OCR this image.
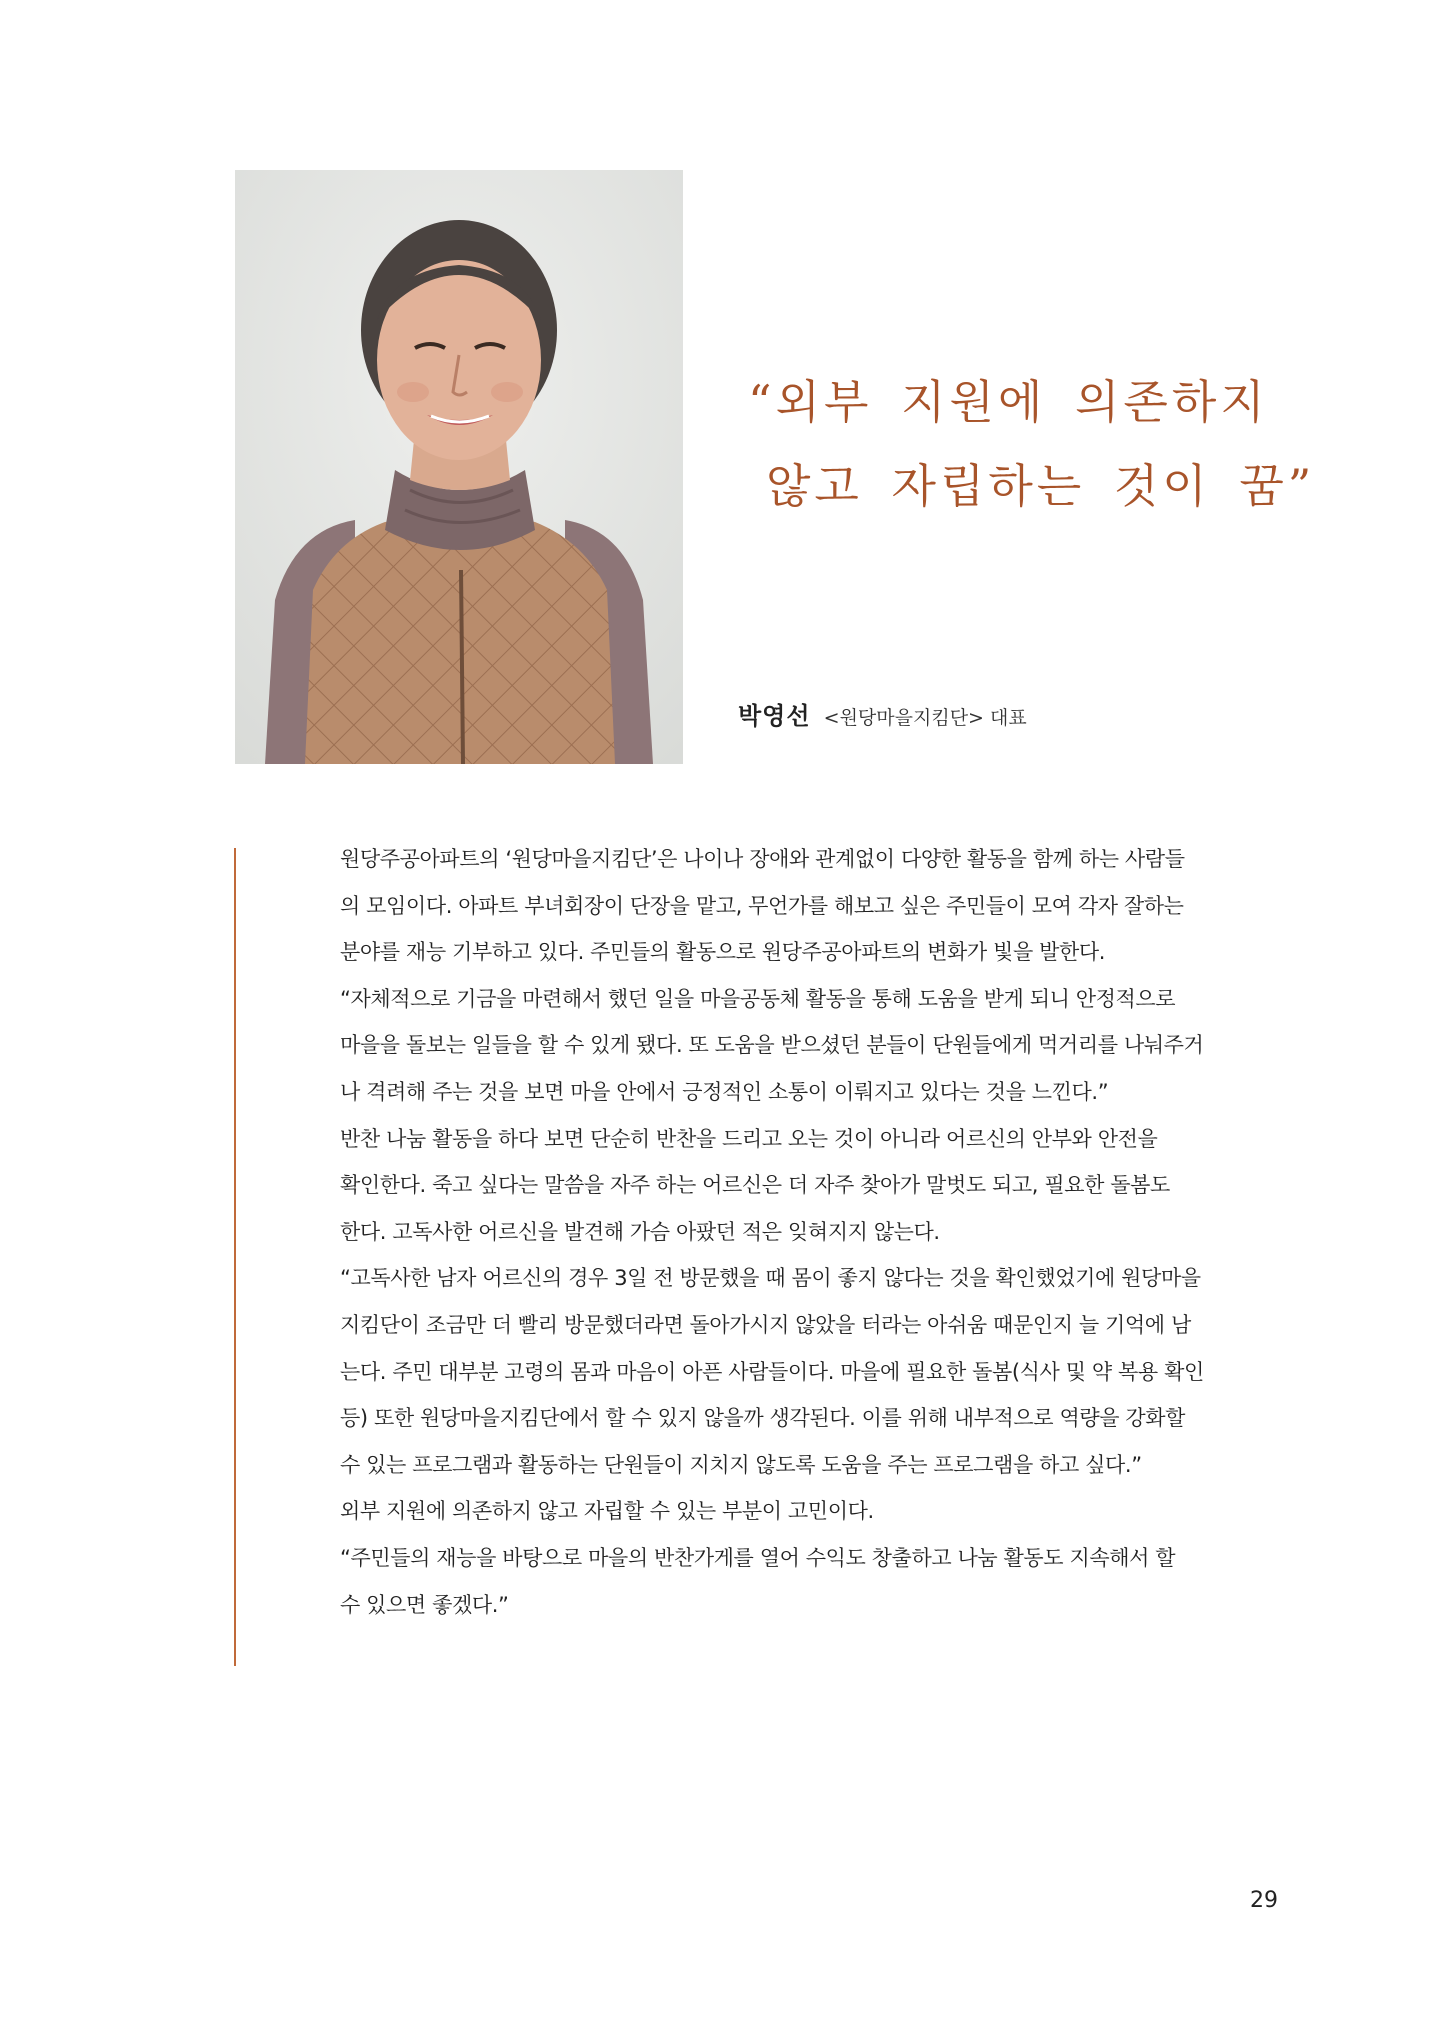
“외부 지원에 의존하지
않고 자립하는 것이 꿈”
박영선 <원당마을지킴단> 대표
원당주공아파트의 ‘원당마을지킴단’은 나이나 장애와 관계없이 다양한 활동을 함께 하는 사람들
의 모임이다. 아파트 부녀회장이 단장을 맡고, 무언가를 해보고 싶은 주민들이 모여 각자 잘하는
분야를 재능 기부하고 있다. 주민들의 활동으로 원당주공아파트의 변화가 빛을 발한다.
“자체적으로 기금을 마련해서 했던 일을 마을공동체 활동을 통해 도움을 받게 되니 안정적으로
마을을 돌보는 일들을 할 수 있게 됐다. 또 도움을 받으셨던 분들이 단원들에게 먹거리를 나눠주거
나 격려해 주는 것을 보면 마을 안에서 긍정적인 소통이 이뤄지고 있다는 것을 느낀다.”
반찬 나눔 활동을 하다 보면 단순히 반찬을 드리고 오는 것이 아니라 어르신의 안부와 안전을
확인한다. 죽고 싶다는 말씀을 자주 하는 어르신은 더 자주 찾아가 말벗도 되고, 필요한 돌봄도
한다. 고독사한 어르신을 발견해 가슴 아팠던 적은 잊혀지지 않는다.
“고독사한 남자 어르신의 경우 3일 전 방문했을 때 몸이 좋지 않다는 것을 확인했었기에 원당마을
지킴단이 조금만 더 빨리 방문했더라면 돌아가시지 않았을 터라는 아쉬움 때문인지 늘 기억에 남
는다. 주민 대부분 고령의 몸과 마음이 아픈 사람들이다. 마을에 필요한 돌봄(식사 및 약 복용 확인
등) 또한 원당마을지킴단에서 할 수 있지 않을까 생각된다. 이를 위해 내부적으로 역량을 강화할
수 있는 프로그램과 활동하는 단원들이 지치지 않도록 도움을 주는 프로그램을 하고 싶다.”
외부 지원에 의존하지 않고 자립할 수 있는 부분이 고민이다.
“주민들의 재능을 바탕으로 마을의 반찬가게를 열어 수익도 창출하고 나눔 활동도 지속해서 할
수 있으면 좋겠다.”
29
